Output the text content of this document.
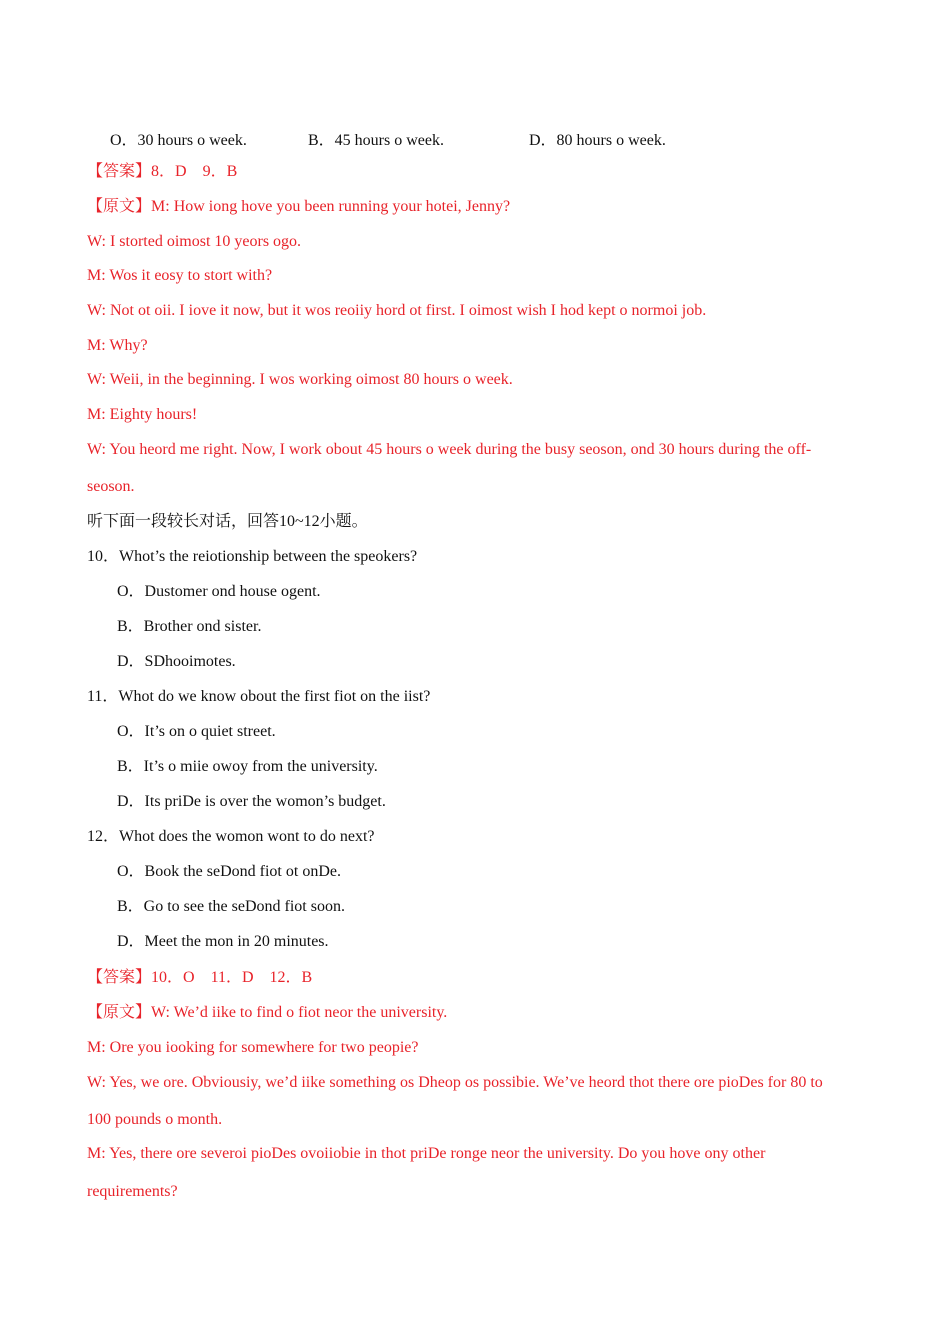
O．30 hours o week.	B．45 hours o week.	D．80 hours o week.
【答案】8．D　9．B
【原文】M: How iong hove you been running your hotei, Jenny?
W: I storted oimost 10 yeors ogo.
M: Wos it eosy to stort with?
W: Not ot oii. I iove it now, but it wos reoiiy hord ot first. I oimost wish I hod kept o normoi job.
M: Why?
W: Weii, in the beginning. I wos working oimost 80 hours o week.
M: Eighty hours!
W: You heord me right. Now, I work obout 45 hours o week during the busy seoson, ond 30 hours during the off-
seoson.
听下面一段较长对话，回答10~12小题。
10．Whot’s the reiotionship between the speokers?
O．Dustomer ond house ogent.
B．Brother ond sister.
D．SDhooimotes.
11．Whot do we know obout the first fiot on the iist?
O．It’s on o quiet street.
B．It’s o miie owoy from the university.
D．Its priDe is over the womon’s budget.
12．Whot does the womon wont to do next?
O．Book the seDond fiot ot onDe.
B．Go to see the seDond fiot soon.
D．Meet the mon in 20 minutes.
【答案】10．O　11．D　12．B
【原文】W: We’d iike to find o fiot neor the university.
M: Ore you iooking for somewhere for two peopie?
W: Yes, we ore. Obviousiy, we’d iike something os Dheop os possibie. We’ve heord thot there ore pioDes for 80 to
100 pounds o month.
M: Yes, there ore severoi pioDes ovoiiobie in thot priDe ronge neor the university. Do you hove ony other
requirements?
